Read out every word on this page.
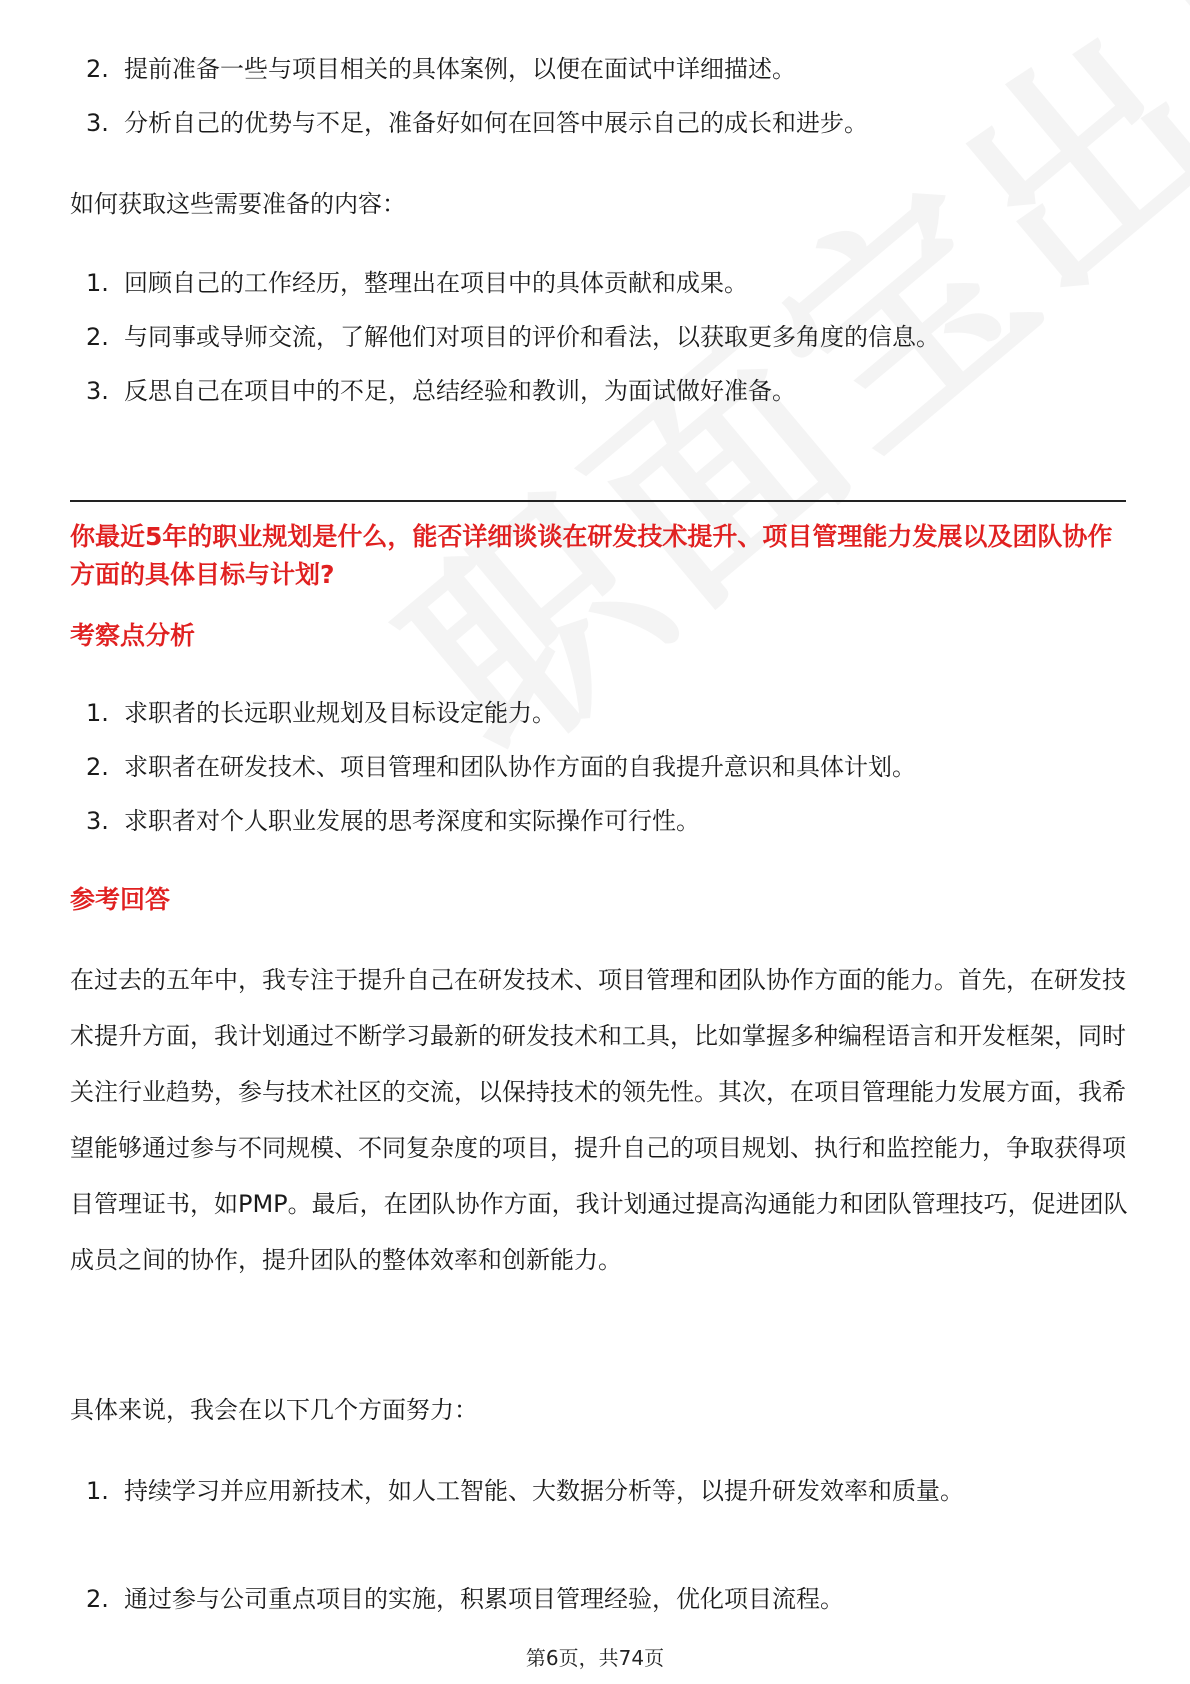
2. 提前准备一些与项目相关的具体案例，以便在面试中详细描述。
3. 分析自己的优势与不足，准备好如何在回答中展示自己的成长和进步。
如何获取这些需要准备的内容：
1. 回顾自己的工作经历，整理出在项目中的具体贡献和成果。
2. 与同事或导师交流，了解他们对项目的评价和看法，以获取更多角度的信息。
3. 反思自己在项目中的不足，总结经验和教训，为面试做好准备。
你最近5年的职业规划是什么，能否详细谈谈在研发技术提升、项目管理能力发展以及团队协作方面的具体目标与计划?
考察点分析
1. 求职者的长远职业规划及目标设定能力。
2. 求职者在研发技术、项目管理和团队协作方面的自我提升意识和具体计划。
3. 求职者对个人职业发展的思考深度和实际操作可行性。
参考回答
在过去的五年中，我专注于提升自己在研发技术、项目管理和团队协作方面的能力。首先，在研发技术提升方面，我计划通过不断学习最新的研发技术和工具，比如掌握多种编程语言和开发框架，同时关注行业趋势，参与技术社区的交流，以保持技术的领先性。其次，在项目管理能力发展方面，我希望能够通过参与不同规模、不同复杂度的项目，提升自己的项目规划、执行和监控能力，争取获得项目管理证书，如PMP。最后，在团队协作方面，我计划通过提高沟通能力和团队管理技巧，促进团队成员之间的协作，提升团队的整体效率和创新能力。
具体来说，我会在以下几个方面努力：
1. 持续学习并应用新技术，如人工智能、大数据分析等，以提升研发效率和质量。
2. 通过参与公司重点项目的实施，积累项目管理经验，优化项目流程。
第6页，共74页
